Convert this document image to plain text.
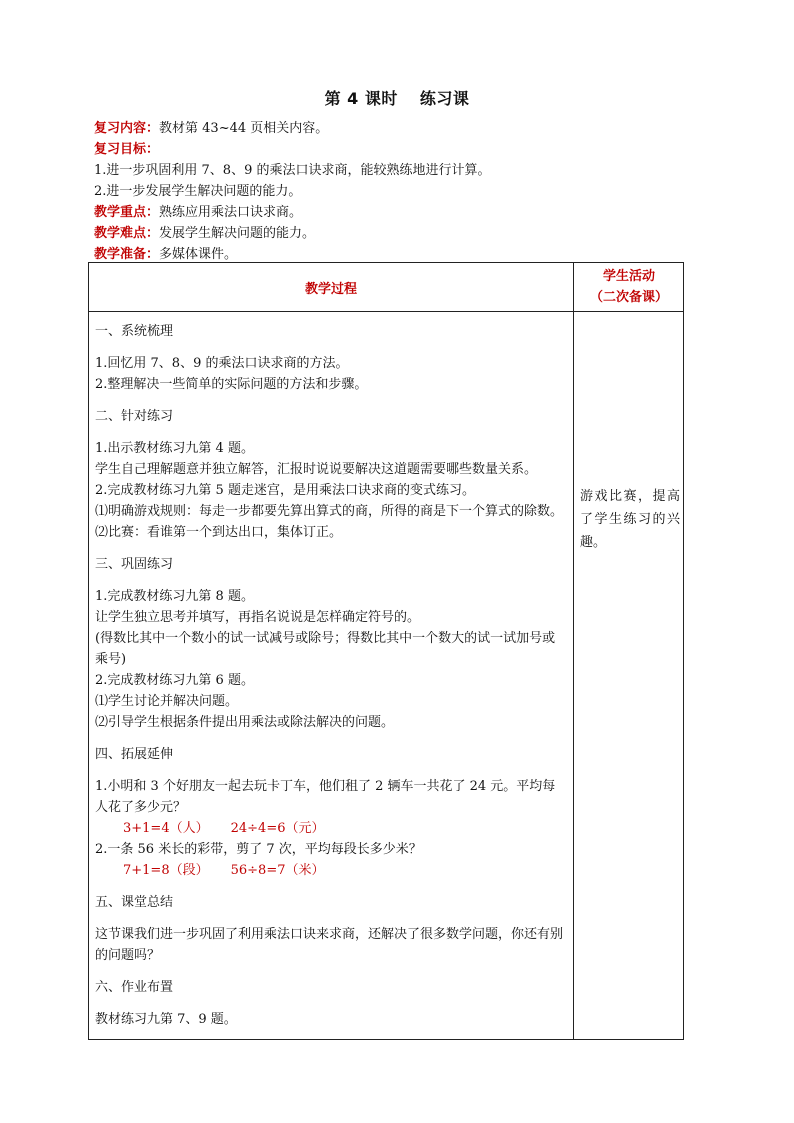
第 4 课时 练习课
复习内容：教材第 43~44 页相关内容。
复习目标：
1.进一步巩固利用 7、8、9 的乘法口诀求商，能较熟练地进行计算。
2.进一步发展学生解决问题的能力。
教学重点：熟练应用乘法口诀求商。
教学难点：发展学生解决问题的能力。
教学准备：多媒体课件。
教学过程
学生活动
（二次备课）
一、系统梳理
1.回忆用 7、8、9 的乘法口诀求商的方法。
2.整理解决一些简单的实际问题的方法和步骤。
二、针对练习
1.出示教材练习九第 4 题。
学生自己理解题意并独立解答，汇报时说说要解决这道题需要哪些数量关系。
2.完成教材练习九第 5 题走迷宫，是用乘法口诀求商的变式练习。
⑴明确游戏规则：每走一步都要先算出算式的商，所得的商是下一个算式的除数。
⑵比赛：看谁第一个到达出口，集体订正。
三、巩固练习
1.完成教材练习九第 8 题。
让学生独立思考并填写，再指名说说是怎样确定符号的。
(得数比其中一个数小的试一试减号或除号；得数比其中一个数大的试一试加号或乘号)
2.完成教材练习九第 6 题。
⑴学生讨论并解决问题。
⑵引导学生根据条件提出用乘法或除法解决的问题。
四、拓展延伸
1.小明和 3 个好朋友一起去玩卡丁车，他们租了 2 辆车一共花了 24 元。平均每人花了多少元？
3+1=4（人） 24÷4=6（元）
2.一条 56 米长的彩带，剪了 7 次，平均每段长多少米？
7+1=8（段） 56÷8=7（米）
五、课堂总结
这节课我们进一步巩固了利用乘法口诀来求商，还解决了很多数学问题，你还有别的问题吗？
六、作业布置
教材练习九第 7、9 题。
游戏比赛，提高了学生练习的兴趣。
